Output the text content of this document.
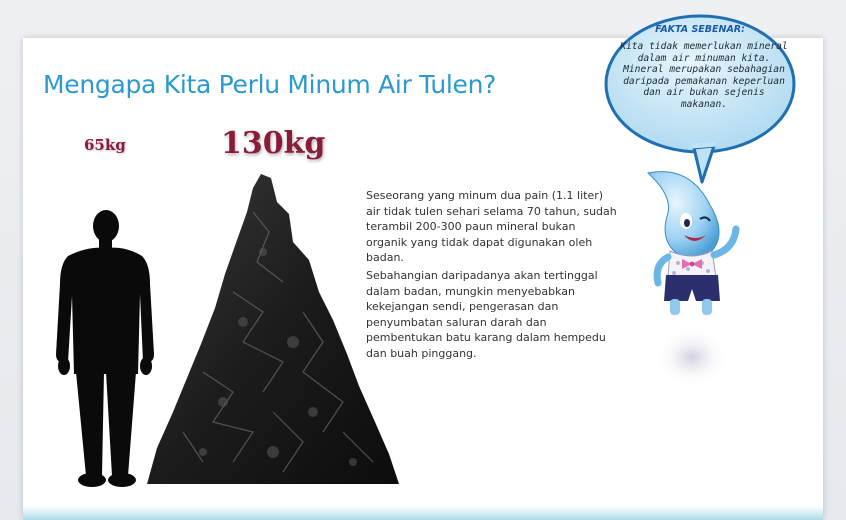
Mengapa Kita Perlu Minum Air Tulen?
65kg	130kg

Seseorang yang minum dua pain (1.1 liter) air tidak tulen sehari selama 70 tahun, sudah terambil 200-300 paun mineral bukan organik yang tidak dapat digunakan oleh badan.

Sebahangian daripadanya akan tertinggal dalam badan, mungkin menyebabkan kekejangan sendi, pengerasan dan penyumbatan saluran darah dan pembentukan batu karang dalam hempedu dan buah pinggang.

FAKTA SEBENAR:
Kita tidak memerlukan mineral dalam air minuman kita. Mineral merupakan sebahagian daripada pemakanan keperluan dan air bukan sejenis makanan.
